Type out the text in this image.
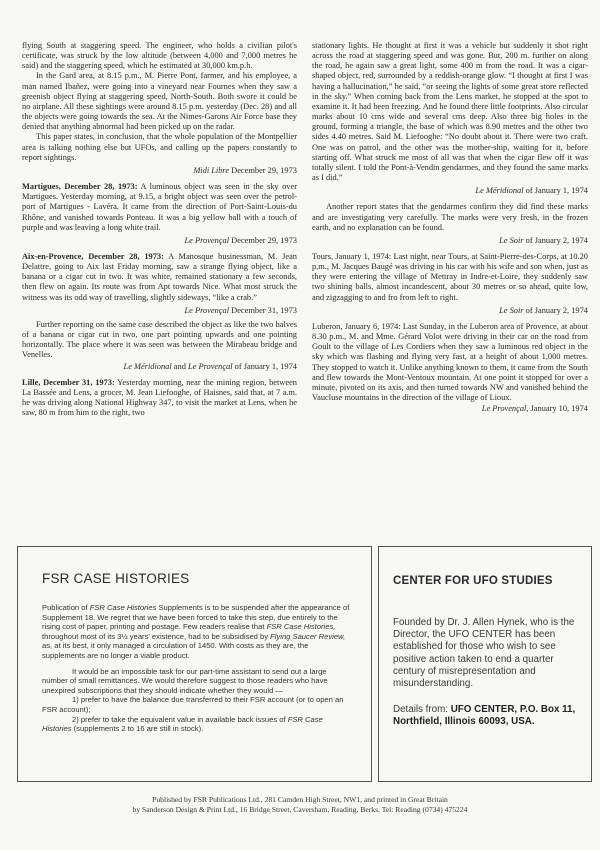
flying South at staggering speed. The engineer, who holds a civilian pilot's certificate, was struck by the low altitude (between 4,000 and 7,000 metres he said) and the staggering speed, which he estimated at 30,000 km.p.h.

In the Gard area, at 8.15 p.m., M. Pierre Pont, farmer, and his employee, a man named Ibañez, were going into a vineyard near Fournes when they saw a greenish object flying at staggering speed, North-South. Both swore it could be no airplane. All these sightings were around 8.15 p.m. yesterday (Dec. 28) and all the objects were going towards the sea. At the Nimes-Garons Air Force base they denied that anything abnormal had been picked up on the radar.

This paper states, in conclusion, that the whole population of the Montpellier area is talking nothing else but UFOs, and calling up the papers constantly to report sightings.

Midi Libre December 29, 1973

Martigues, December 28, 1973: A luminous object was seen in the sky over Martigues. Yesterday morning, at 9.15, a bright object was seen over the petrol-port of Martigues - Lavéra. It came from the direction of Port-Saint-Louis-du Rhône, and vanished towards Ponteau. It was a big yellow ball with a touch of purple and was leaving a long white trail.

Le Provençal December 29, 1973

Aix-en-Provence, December 28, 1973: A Manosque businessman, M. Jean Delattre, going to Aix last Friday morning, saw a strange flying object, like a banana or a cigar cut in two. It was white, remained stationary a few seconds, then flew on again. Its route was from Apt towards Nice. What most struck the witness was its odd way of travelling, slightly sideways, “like a crab.”

Le Provençal December 31, 1973

Further reporting on the same case described the object as like the two halves of a banana or cigar cut in two, one part pointing upwards and one pointing horizontally. The place where it was seen was between the Mirabeau bridge and Venelles.

Le Méridional and Le Provençal of January 1, 1974

Lille, December 31, 1973: Yesterday morning, near the mining region, between La Bassée and Lens, a grocer, M. Jean Liefooghe, of Haisnes, said that, at 7 a.m. he was driving along National Highway 347, to visit the market at Lens, when he saw, 80 m from him to the right, two

stationary lights. He thought at first it was a vehicle but suddenly it shot right across the road at staggering speed and was gone. But, 200 m. further on along the road, he again saw a great light, some 400 m from the road. It was a cigar-shaped object, red, surrounded by a reddish-orange glow. “I thought at first I was having a hallucination,” he said, “or seeing the lights of some great store reflected in the sky.” When coming back from the Lens market, he stopped at the spot to examine it. It had been freezing. And he found there little footprints. Also circular marks about 10 cms wide and several cms deep. Also three big holes in the ground, forming a triangle, the base of which was 8.90 metres and the other two sides 4.40 metres. Said M. Liefooghe: “No doubt about it. There were two craft. One was on patrol, and the other was the mother-ship, waiting for it, before starting off. What struck me most of all was that when the cigar flew off it was totally silent. I told the Pont-à-Vendin gendarmes, and they found the same marks as I did.”

Le Méridional of January 1, 1974

Another report states that the gendarmes confirm they did find these marks and are investigating very carefully. The marks were very fresh, in the frozen earth, and no explanation can be found.

Le Soir of January 2, 1974

Tours, January 1, 1974: Last night, near Tours, at Saint-Pierre-des-Corps, at 10.20 p.m., M. Jacques Baugé was driving in his car with his wife and son when, just as they were entering the village of Mettray in Indre-et-Loire, they suddenly saw two shining balls, almost incandescent, about 30 metres or so ahead, quite low, and zigzagging to and fro from left to right.

Le Soir of January 2, 1974

Luberon, January 6, 1974: Last Sunday, in the Luberon area of Provence, at about 8.30 p.m., M. and Mme. Gérard Volot were driving in their car on the road from Goult to the village of Les Cordiers when they saw a luminous red object in the sky which was flashing and flying very fast, at a height of about 1,000 metres. They stopped to watch it. Unlike anything known to them, it came from the South and flew towards the Mont-Ventoux mountain. At one point it stopped for over a minute, pivoted on its axis, and then turned towards NW and vanished behind the Vaucluse mountains in the direction of the village of Lioux.

Le Provençal, January 10, 1974

FSR CASE HISTORIES

Publication of FSR Case Histories Supplements is to be suspended after the appearance of Supplement 18. We regret that we have been forced to take this step, due entirely to the rising cost of paper, printing and postage. Few readers realise that FSR Case Histories, throughout most of its 3½ years' existence, had to be subsidised by Flying Saucer Review, as, at its best, it only managed a circulation of 1450. With costs as they are, the supplements are no longer a viable product.

It would be an impossible task for our part-time assistant to send out a large number of small remittances. We would therefore suggest to those readers who have unexpired subscriptions that they should indicate whether they would —

1) prefer to have the balance due transferred to their FSR account (or to open an FSR account);

2) prefer to take the equivalent value in available back issues of FSR Case Histories (supplements 2 to 16 are still in stock).

CENTER FOR UFO STUDIES

Founded by Dr. J. Allen Hynek, who is the Director, the UFO CENTER has been established for those who wish to see positive action taken to end a quarter century of misrepresentation and misunderstanding.

Details from: UFO CENTER, P.O. Box 11, Northfield, Illinois 60093, USA.

Published by FSR Publications Ltd., 281 Camden High Street, NW1, and printed in Great Britain
by Sanderson Design & Print Ltd., 16 Bridge Street, Caversham, Reading, Berks. Tel: Reading (0734) 475224
